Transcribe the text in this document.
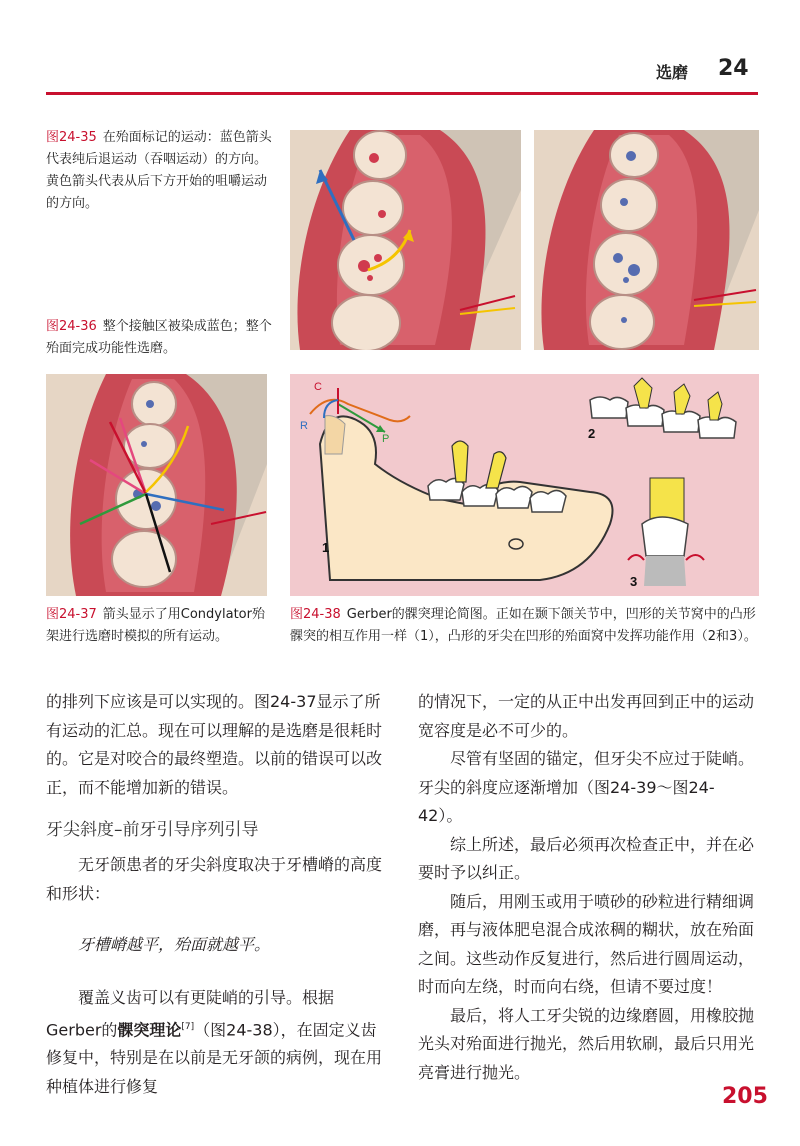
选磨 24
图24-35 在殆面标记的运动：蓝色箭头代表纯后退运动（吞咽运动）的方向。黄色箭头代表从后下方开始的咀嚼运动的方向。
图24-36 整个接触区被染成蓝色；整个殆面完成功能性选磨。
C
R
P
1
2
3
图24-37 箭头显示了用Condylator殆架进行选磨时模拟的所有运动。
图24-38 Gerber的髁突理论简图。正如在颞下颌关节中，凹形的关节窝中的凸形髁突的相互作用一样（1），凸形的牙尖在凹形的殆面窝中发挥功能作用（2和3）。

的排列下应该是可以实现的。图24-37显示了所有运动的汇总。现在可以理解的是选磨是很耗时的。它是对咬合的最终塑造。以前的错误可以改正，而不能增加新的错误。

牙尖斜度–前牙引导序列引导

无牙颌患者的牙尖斜度取决于牙槽嵴的高度和形状：

牙槽嵴越平，殆面就越平。

覆盖义齿可以有更陡峭的引导。根据Gerber的髁突理论[7]（图24-38），在固定义齿修复中，特别是在以前是无牙颌的病例，现在用种植体进行修复

的情况下，一定的从正中出发再回到正中的运动宽容度是必不可少的。

尽管有坚固的锚定，但牙尖不应过于陡峭。牙尖的斜度应逐渐增加（图24-39～图24-42）。

综上所述，最后必须再次检查正中，并在必要时予以纠正。

随后，用刚玉或用于喷砂的砂粒进行精细调磨，再与液体肥皂混合成浓稠的糊状，放在殆面之间。这些动作反复进行，然后进行圆周运动，时而向左绕，时而向右绕，但请不要过度！

最后，将人工牙尖锐的边缘磨圆，用橡胶抛光头对殆面进行抛光，然后用软刷，最后只用光亮膏进行抛光。

205
